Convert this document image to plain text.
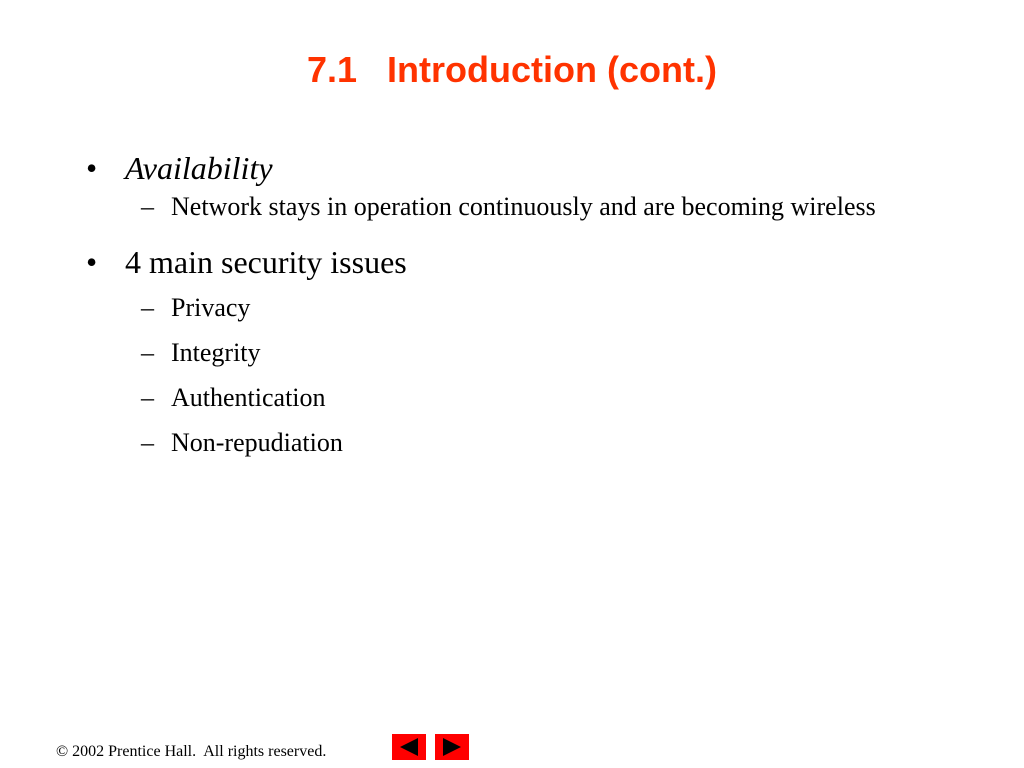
7.1   Introduction (cont.)
• Availability
– Network stays in operation continuously and are becoming wireless
• 4 main security issues
– Privacy
– Integrity
– Authentication
– Non-repudiation
© 2002 Prentice Hall.  All rights reserved.
